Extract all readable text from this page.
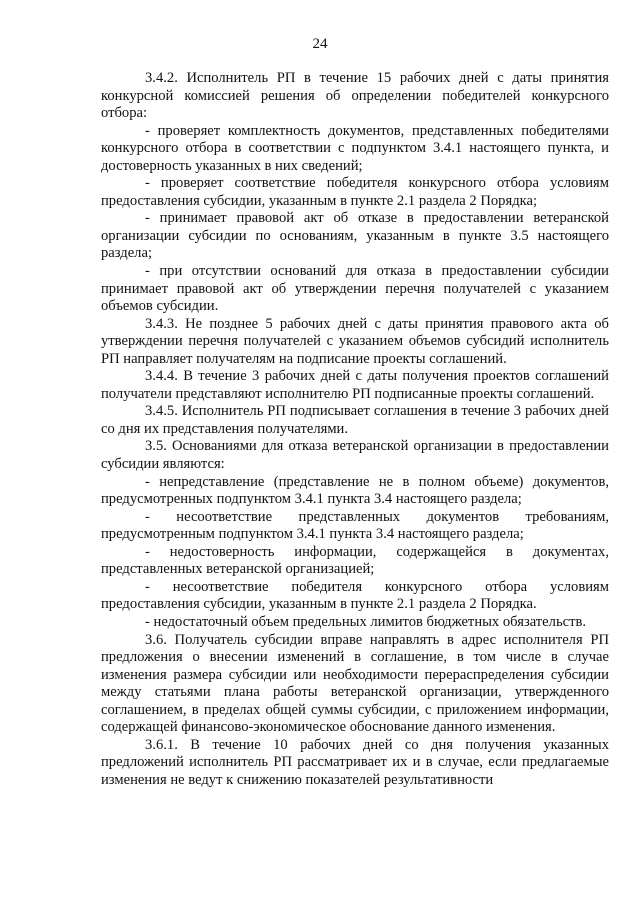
24

3.4.2. Исполнитель РП в течение 15 рабочих дней с даты принятия конкурсной комиссией решения об определении победителей конкурсного отбора:

- проверяет комплектность документов, представленных победителями конкурсного отбора в соответствии с подпунктом 3.4.1 настоящего пункта, и достоверность указанных в них сведений;

- проверяет соответствие победителя конкурсного отбора условиям предоставления субсидии, указанным в пункте 2.1 раздела 2 Порядка;

- принимает правовой акт об отказе в предоставлении ветеранской организации субсидии по основаниям, указанным в пункте 3.5 настоящего раздела;

- при отсутствии оснований для отказа в предоставлении субсидии принимает правовой акт об утверждении перечня получателей с указанием объемов субсидии.

3.4.3. Не позднее 5 рабочих дней с даты принятия правового акта об утверждении перечня получателей с указанием объемов субсидий исполнитель РП направляет получателям на подписание проекты соглашений.

3.4.4. В течение 3 рабочих дней с даты получения проектов соглашений получатели представляют исполнителю РП подписанные проекты соглашений.

3.4.5. Исполнитель РП подписывает соглашения в течение 3 рабочих дней со дня их представления получателями.

3.5. Основаниями для отказа ветеранской организации в предоставлении субсидии являются:

- непредставление (представление не в полном объеме) документов, предусмотренных подпунктом 3.4.1 пункта 3.4 настоящего раздела;

- несоответствие представленных документов требованиям, предусмотренным подпунктом 3.4.1 пункта 3.4 настоящего раздела;

- недостоверность информации, содержащейся в документах, представленных ветеранской организацией;

- несоответствие победителя конкурсного отбора условиям предоставления субсидии, указанным в пункте 2.1 раздела 2 Порядка.

- недостаточный объем предельных лимитов бюджетных обязательств.

3.6. Получатель субсидии вправе направлять в адрес исполнителя РП предложения о внесении изменений в соглашение, в том числе в случае изменения размера субсидии или необходимости перераспределения субсидии между статьями плана работы ветеранской организации, утвержденного соглашением, в пределах общей суммы субсидии, с приложением информации, содержащей финансово-экономическое обоснование данного изменения.

3.6.1. В течение 10 рабочих дней со дня получения указанных предложений исполнитель РП рассматривает их и в случае, если предлагаемые изменения не ведут к снижению показателей результативности
